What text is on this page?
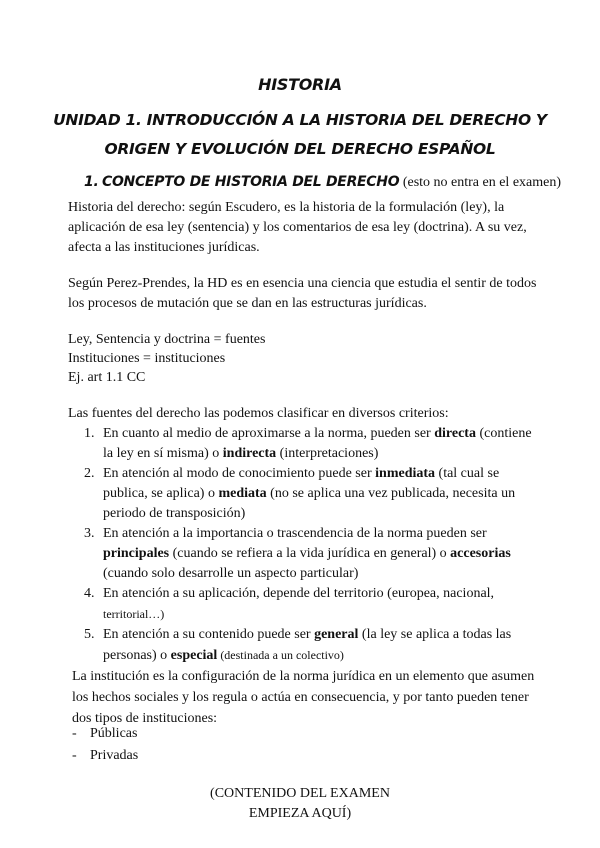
HISTORIA
UNIDAD 1. INTRODUCCIÓN A LA HISTORIA DEL DERECHO Y
ORIGEN Y EVOLUCIÓN DEL DERECHO ESPAÑOL
1. CONCEPTO DE HISTORIA DEL DERECHO (esto no entra en el examen)

Historia del derecho: según Escudero, es la historia de la formulación (ley), la aplicación de esa ley (sentencia) y los comentarios de esa ley (doctrina). A su vez, afecta a las instituciones jurídicas.

Según Perez-Prendes, la HD es en esencia una ciencia que estudia el sentir de todos los procesos de mutación que se dan en las estructuras jurídicas.

Ley, Sentencia y doctrina = fuentes
Instituciones = instituciones
Ej. art 1.1 CC
Las fuentes del derecho las podemos clasificar en diversos criterios:
1. En cuanto al medio de aproximarse a la norma, pueden ser directa (contiene la ley en sí misma) o indirecta (interpretaciones)
2. En atención al modo de conocimiento puede ser inmediata (tal cual se publica, se aplica) o mediata (no se aplica una vez publicada, necesita un periodo de transposición)
3. En atención a la importancia o trascendencia de la norma pueden ser principales (cuando se refiera a la vida jurídica en general) o accesorias (cuando solo desarrolle un aspecto particular)
4. En atención a su aplicación, depende del territorio (europea, nacional, territorial…)
5. En atención a su contenido puede ser general (la ley se aplica a todas las personas) o especial (destinada a un colectivo)

La institución es la configuración de la norma jurídica en un elemento que asumen los hechos sociales y los regula o actúa en consecuencia, y por tanto pueden tener dos tipos de instituciones:

- Públicas
- Privadas
(CONTENIDO DEL EXAMEN
EMPIEZA AQUÍ)
